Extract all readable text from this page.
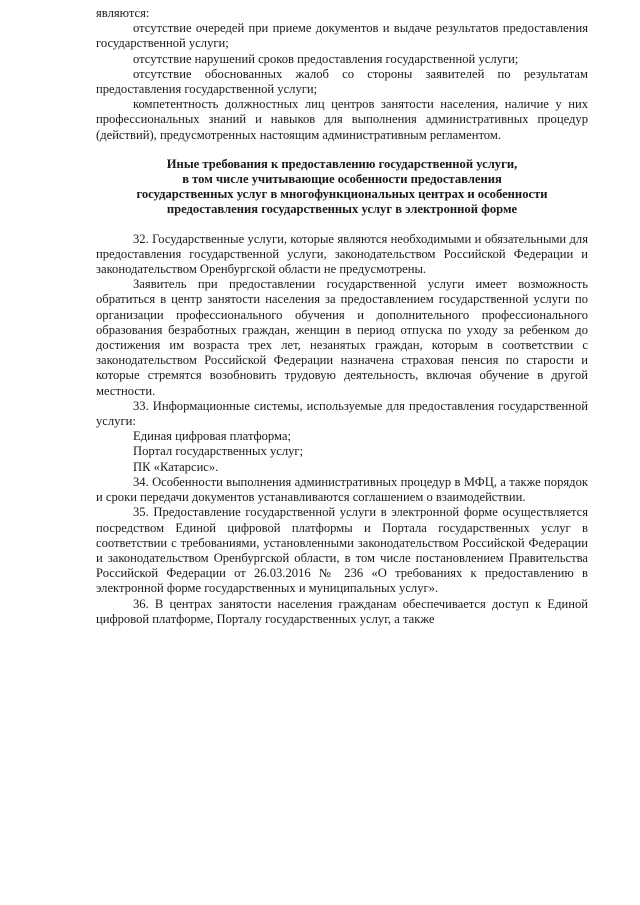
являются:

отсутствие очередей при приеме документов и выдаче результатов предоставления государственной услуги;

отсутствие нарушений сроков предоставления государственной услуги;

отсутствие обоснованных жалоб со стороны заявителей по результатам предоставления государственной услуги;

компетентность должностных лиц центров занятости населения, наличие у них профессиональных знаний и навыков для выполнения административных процедур (действий), предусмотренных настоящим административным регламентом.

Иные требования к предоставлению государственной услуги,

в том числе учитывающие особенности предоставления

государственных услуг в многофункциональных центрах и особенности

предоставления государственных услуг в электронной форме

32. Государственные услуги, которые являются необходимыми и обязательными для предоставления государственной услуги, законодательством Российской Федерации и законодательством Оренбургской области не предусмотрены.

Заявитель при предоставлении государственной услуги имеет возможность обратиться в центр занятости населения за предоставлением государственной услуги по организации профессионального обучения и дополнительного профессионального образования безработных граждан, женщин в период отпуска по уходу за ребенком до достижения им возраста трех лет, незанятых граждан, которым в соответствии с законодательством Российской Федерации назначена страховая пенсия по старости и которые стремятся возобновить трудовую деятельность, включая обучение в другой местности.

33. Информационные системы, используемые для предоставления государственной услуги:

Единая цифровая платформа;

Портал государственных услуг;

ПК «Катарсис».

34. Особенности выполнения административных процедур в МФЦ, а также порядок и сроки передачи документов устанавливаются соглашением о взаимодействии.

35. Предоставление государственной услуги в электронной форме осуществляется посредством Единой цифровой платформы и Портала государственных услуг в соответствии с требованиями, установленными законодательством Российской Федерации и законодательством Оренбургской области, в том числе постановлением Правительства Российской Федерации от 26.03.2016 № 236 «О требованиях к предоставлению в электронной форме государственных и муниципальных услуг».

36. В центрах занятости населения гражданам обеспечивается доступ к Единой цифровой платформе, Порталу государственных услуг, а также
